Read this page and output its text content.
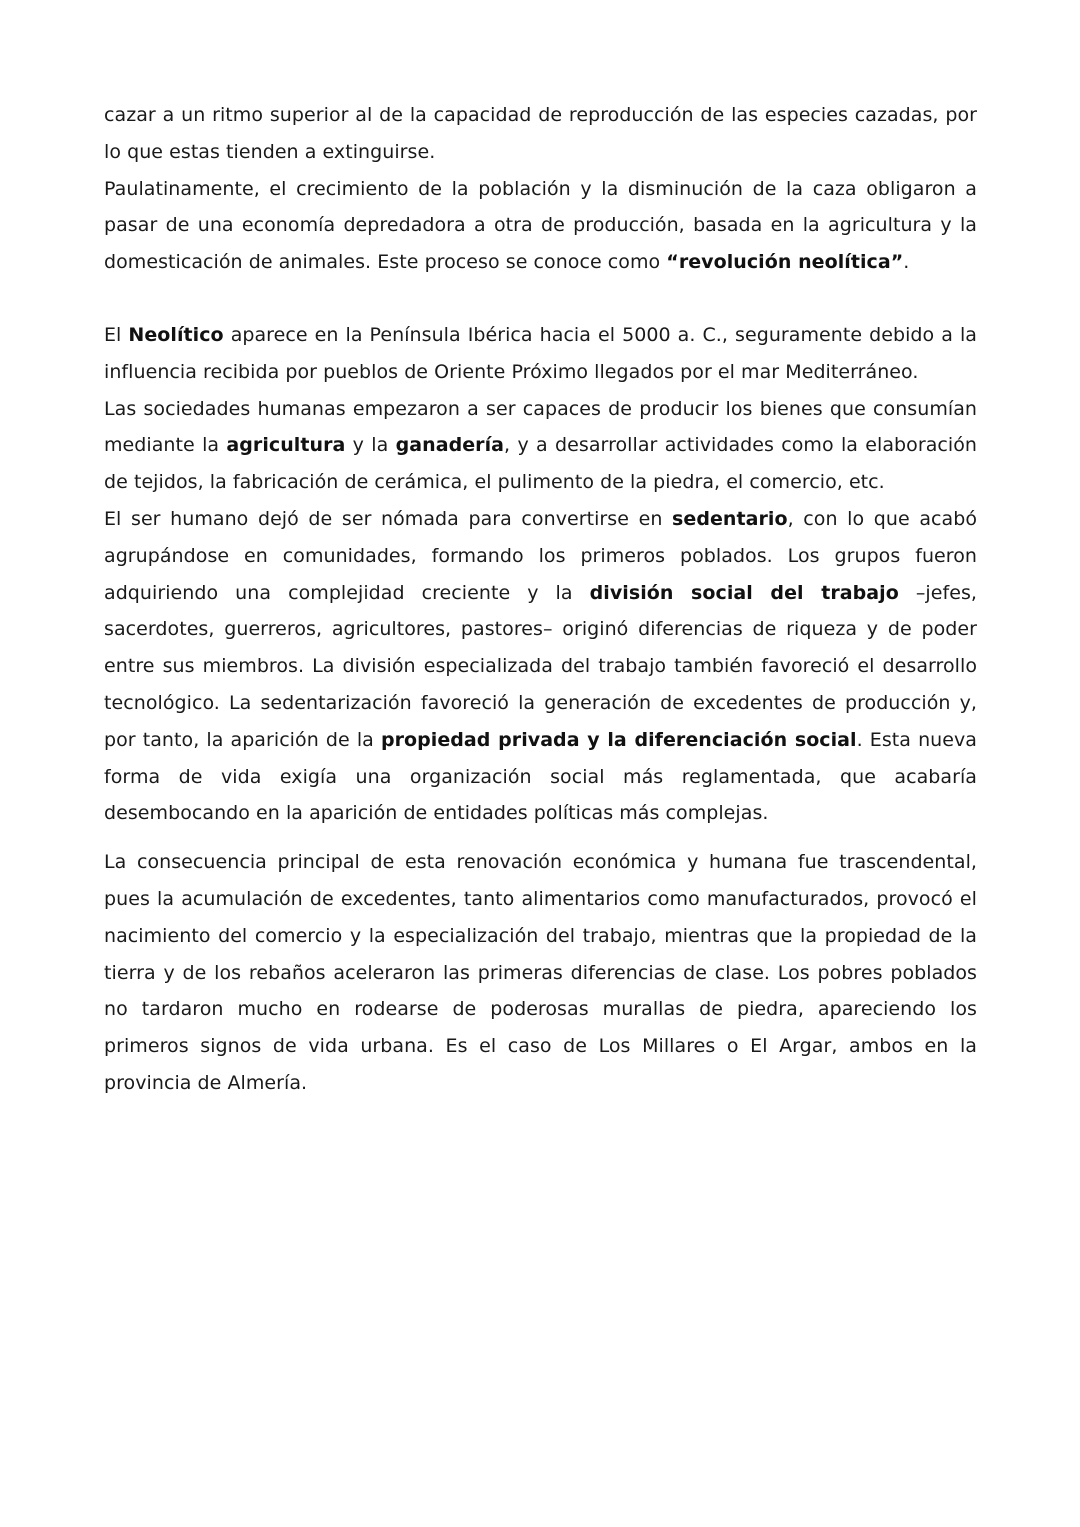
cazar a un ritmo superior al de la capacidad de reproducción de las especies cazadas, por lo que estas tienden a extinguirse.

Paulatinamente, el crecimiento de la población y la disminución de la caza obligaron a pasar de una economía depredadora a otra de producción, basada en la agricultura y la domesticación de animales. Este proceso se conoce como “revolución neolítica”.

El Neolítico aparece en la Península Ibérica hacia el 5000 a. C., seguramente debido a la influencia recibida por pueblos de Oriente Próximo llegados por el mar Mediterráneo.

Las sociedades humanas empezaron a ser capaces de producir los bienes que consumían mediante la agricultura y la ganadería, y a desarrollar actividades como la elaboración de tejidos, la fabricación de cerámica, el pulimento de la piedra, el comercio, etc.

El ser humano dejó de ser nómada para convertirse en sedentario, con lo que acabó agrupándose en comunidades, formando los primeros poblados. Los grupos fueron adquiriendo una complejidad creciente y la división social del trabajo –jefes, sacerdotes, guerreros, agricultores, pastores– originó diferencias de riqueza y de poder entre sus miembros. La división especializada del trabajo también favoreció el desarrollo tecnológico. La sedentarización favoreció la generación de excedentes de producción y, por tanto, la aparición de la propiedad privada y la diferenciación social. Esta nueva forma de vida exigía una organización social más reglamentada, que acabaría desembocando en la aparición de entidades políticas más complejas.

La consecuencia principal de esta renovación económica y humana fue trascendental, pues la acumulación de excedentes, tanto alimentarios como manufacturados, provocó el nacimiento del comercio y la especialización del trabajo, mientras que la propiedad de la tierra y de los rebaños aceleraron las primeras diferencias de clase. Los pobres poblados no tardaron mucho en rodearse de poderosas murallas de piedra, apareciendo los primeros signos de vida urbana. Es el caso de Los Millares o El Argar, ambos en la provincia de Almería.
